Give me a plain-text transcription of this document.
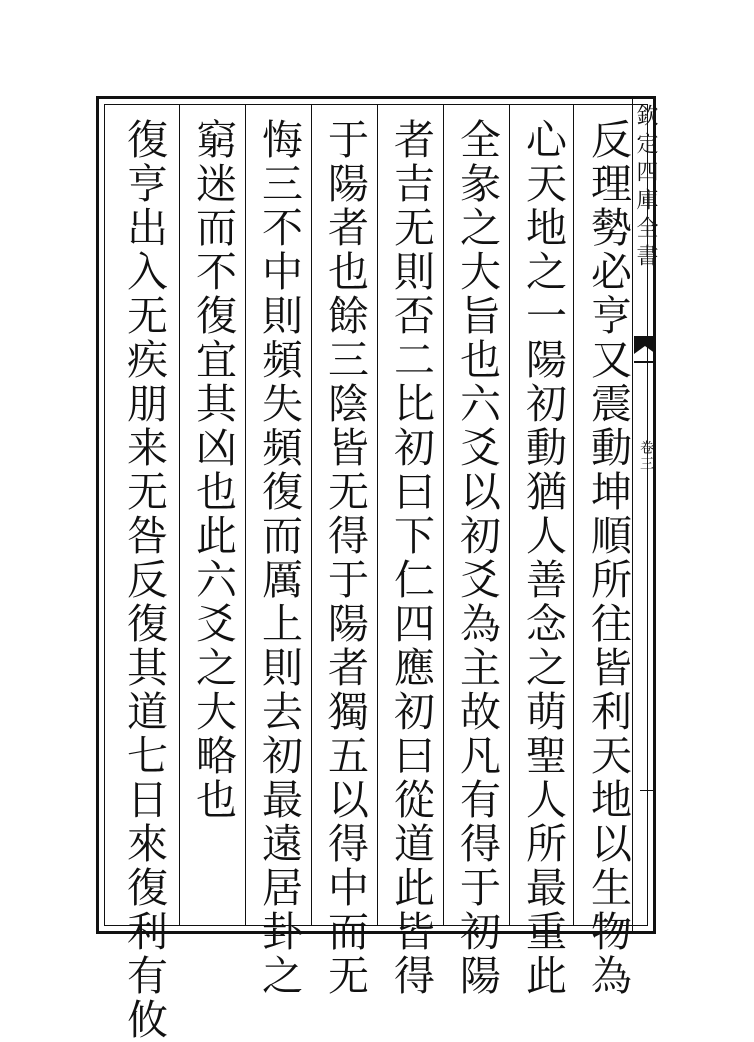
欽定四庫全書
卷三
反理勢必亨又震動坤順所往皆利天地以生物為
心天地之一陽初動猶人善念之萌聖人所最重此
全彖之大旨也六爻以初爻為主故凡有得于初陽
者吉无則否二比初曰下仁四應初曰從道此皆得
于陽者也餘三陰皆无得于陽者獨五以得中而无
悔三不中則頻失頻復而厲上則去初最遠居卦之
窮迷而不復宜其凶也此六爻之大略也
復亨出入无疾朋来无咎反復其道七日來復利有攸
